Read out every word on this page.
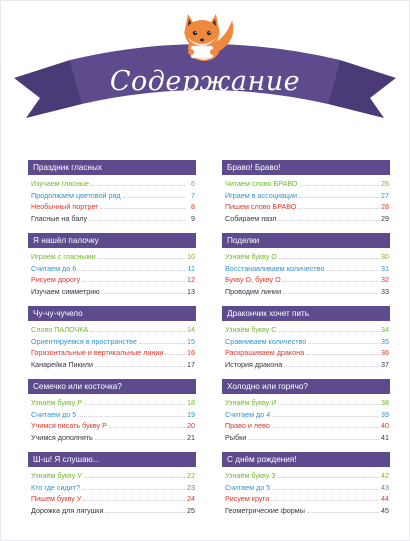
Содержание
Праздник гласных
Изучаем гласные	6
Продолжаем цветовой ряд	7
Необычный портрет	8
Гласные на балу	9
Я нашёл палочку
Играем с гласными	10
Считаем до 6	11
Рисуем дорогу	12
Изучаем симметрию	13
Чу-чу-чучело
Слово ПАЛОЧКА	14
Ориентируемся в пространстве	15
Горизонтальные и вертикальные линии	16
Канарейка Пикили	17
Семечко или косточка?
Узнаём букву Р	18
Считаем до 5	19
Учимся писать букву Р	20
Учимся дополнять	21
Ш-ш! Я слушаю...
Узнаём букву У	22
Кто где сидит?	23
Пишем букву У	24
Дорожка для лягушки	25
Браво! Браво!
Читаем слово БРАВО	26
Играем в ассоциации	27
Пишем слово БРАВО	28
Собираем пазл	29
Поделки
Узнаём букву О	30
Восстанавливаем количество	31
Букву О, букву О	32
Проводим линии	33
Дракончик хочет пить
Узнаём букву С	34
Сравниваем количество	35
Раскрашиваем дракона	36
История дракона	37
Холодно или горячо?
Узнаём букву И	38
Считаем до 4	39
Право и лево	40
Рыбки	41
С днём рождения!
Узнаём букву З	42
Считаем до 5	43
Рисуем круги	44
Геометрические формы	45
